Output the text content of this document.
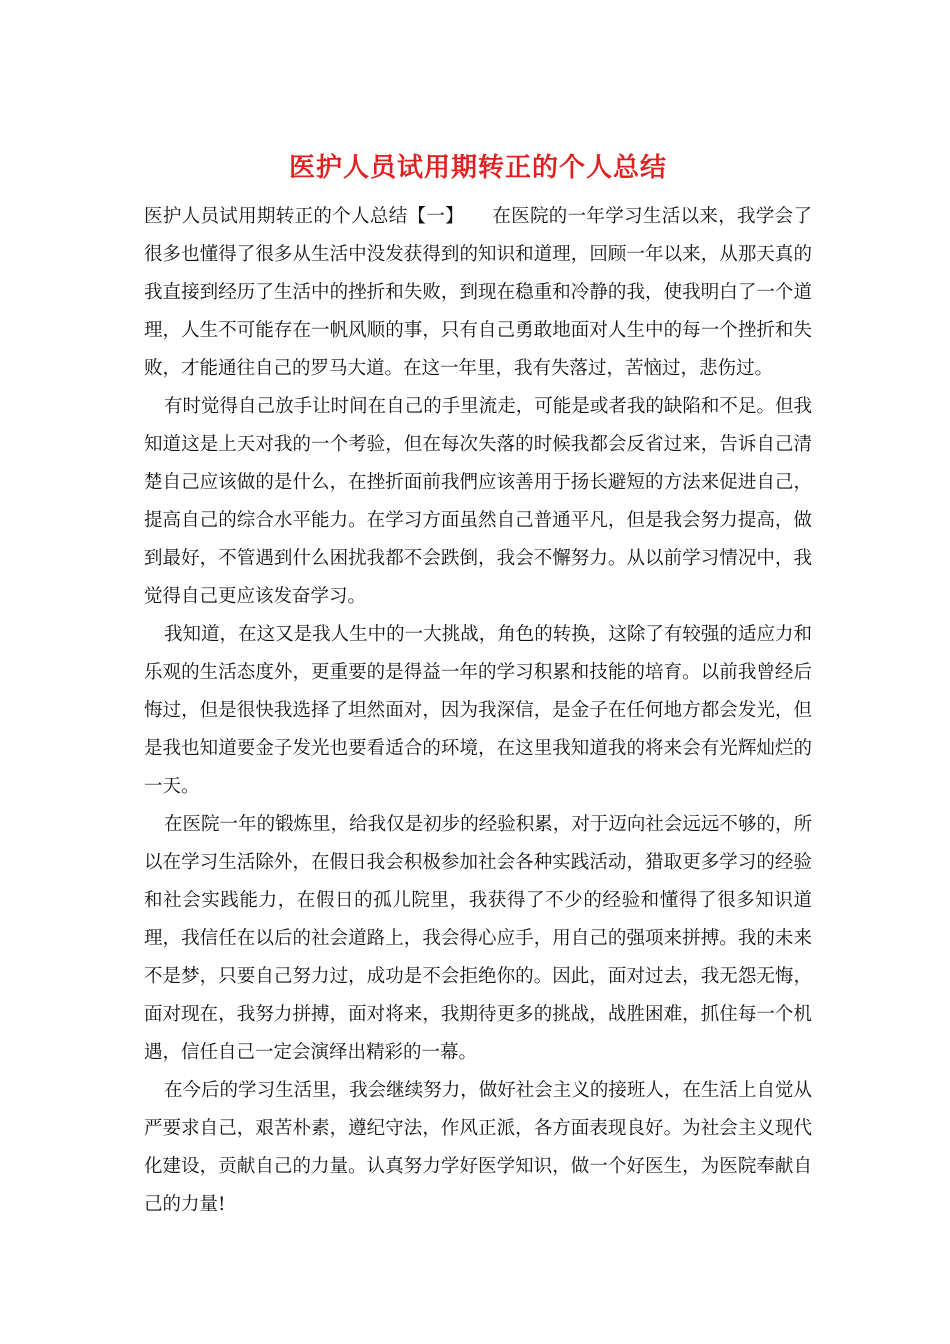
医护人员试用期转正的个人总结

医护人员试用期转正的个人总结【一】 在医院的一年学习生活以来，我学会了很多也懂得了很多从生活中没发获得到的知识和道理，回顾一年以来，从那天真的我直接到经历了生活中的挫折和失败，到现在稳重和冷静的我，使我明白了一个道理，人生不可能存在一帆风顺的事，只有自己勇敢地面对人生中的每一个挫折和失败，才能通往自己的罗马大道。在这一年里，我有失落过，苦恼过，悲伤过。

有时觉得自己放手让时间在自己的手里流走，可能是或者我的缺陷和不足。但我知道这是上天对我的一个考验，但在每次失落的时候我都会反省过来，告诉自己清楚自己应该做的是什么，在挫折面前我們应该善用于扬长避短的方法来促进自己，提高自己的综合水平能力。在学习方面虽然自己普通平凡，但是我会努力提高，做到最好，不管遇到什么困扰我都不会跌倒，我会不懈努力。从以前学习情况中，我觉得自己更应该发奋学习。

我知道，在这又是我人生中的一大挑战，角色的转换，这除了有较强的适应力和乐观的生活态度外，更重要的是得益一年的学习积累和技能的培育。以前我曾经后悔过，但是很快我选择了坦然面对，因为我深信，是金子在任何地方都会发光，但是我也知道要金子发光也要看适合的环境，在这里我知道我的将来会有光辉灿烂的一天。

在医院一年的锻炼里，给我仅是初步的经验积累，对于迈向社会远远不够的，所以在学习生活除外，在假日我会积极参加社会各种实践活动，猎取更多学习的经验和社会实践能力，在假日的孤儿院里，我获得了不少的经验和懂得了很多知识道理，我信任在以后的社会道路上，我会得心应手，用自己的强项来拼搏。我的未来不是梦，只要自己努力过，成功是不会拒绝你的。因此，面对过去，我无怨无悔，面对现在，我努力拼搏，面对将来，我期待更多的挑战，战胜困难，抓住每一个机遇，信任自己一定会演绎出精彩的一幕。

在今后的学习生活里，我会继续努力，做好社会主义的接班人，在生活上自觉从严要求自己，艰苦朴素，遵纪守法，作风正派，各方面表现良好。为社会主义现代化建设，贡献自己的力量。认真努力学好医学知识，做一个好医生，为医院奉献自己的力量!
